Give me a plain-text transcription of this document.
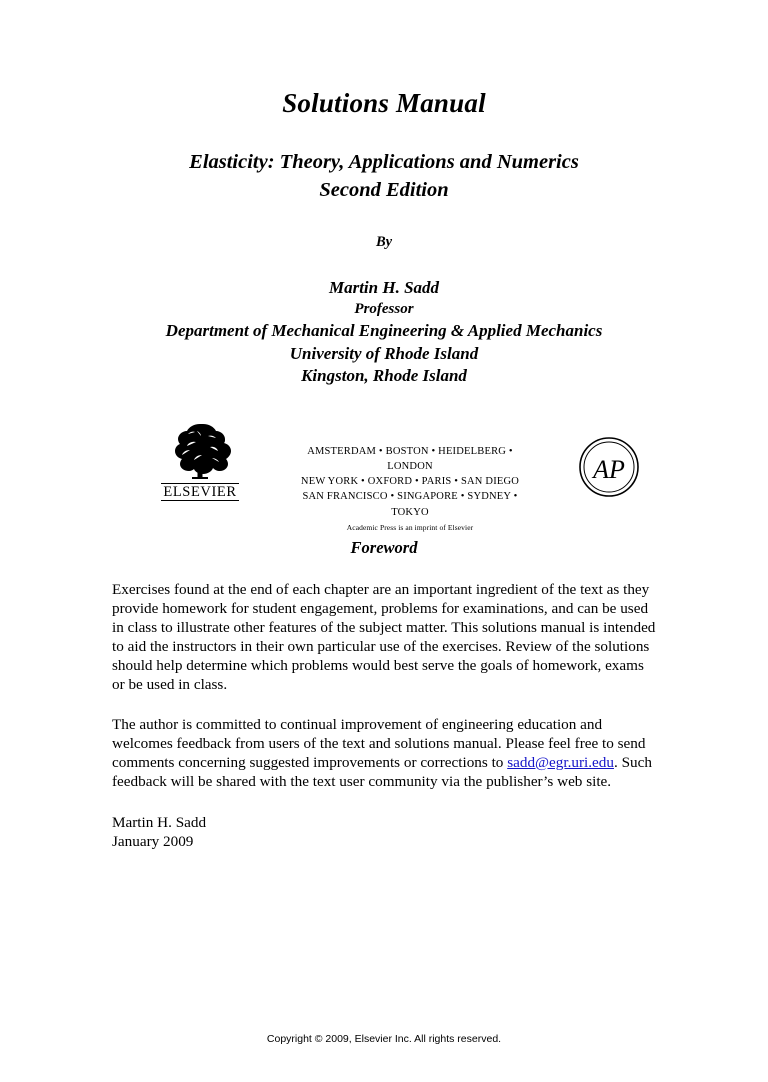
Solutions Manual
Elasticity: Theory, Applications and Numerics
Second Edition
By
Martin H. Sadd
Professor
Department of Mechanical Engineering & Applied Mechanics
University of Rhode Island
Kingston, Rhode Island
ELSEVIER
AMSTERDAM • BOSTON • HEIDELBERG • LONDON
NEW YORK • OXFORD • PARIS • SAN DIEGO
SAN FRANCISCO • SINGAPORE • SYDNEY • TOKYO
Academic Press is an imprint of Elsevier
AP
Foreword

Exercises found at the end of each chapter are an important ingredient of the text as they provide homework for student engagement, problems for examinations, and can be used in class to illustrate other features of the subject matter. This solutions manual is intended to aid the instructors in their own particular use of the exercises. Review of the solutions should help determine which problems would best serve the goals of homework, exams or be used in class.

The author is committed to continual improvement of engineering education and welcomes feedback from users of the text and solutions manual. Please feel free to send comments concerning suggested improvements or corrections to sadd@egr.uri.edu. Such feedback will be shared with the text user community via the publisher’s web site.

Martin H. Sadd
January 2009
Copyright © 2009, Elsevier Inc. All rights reserved.
